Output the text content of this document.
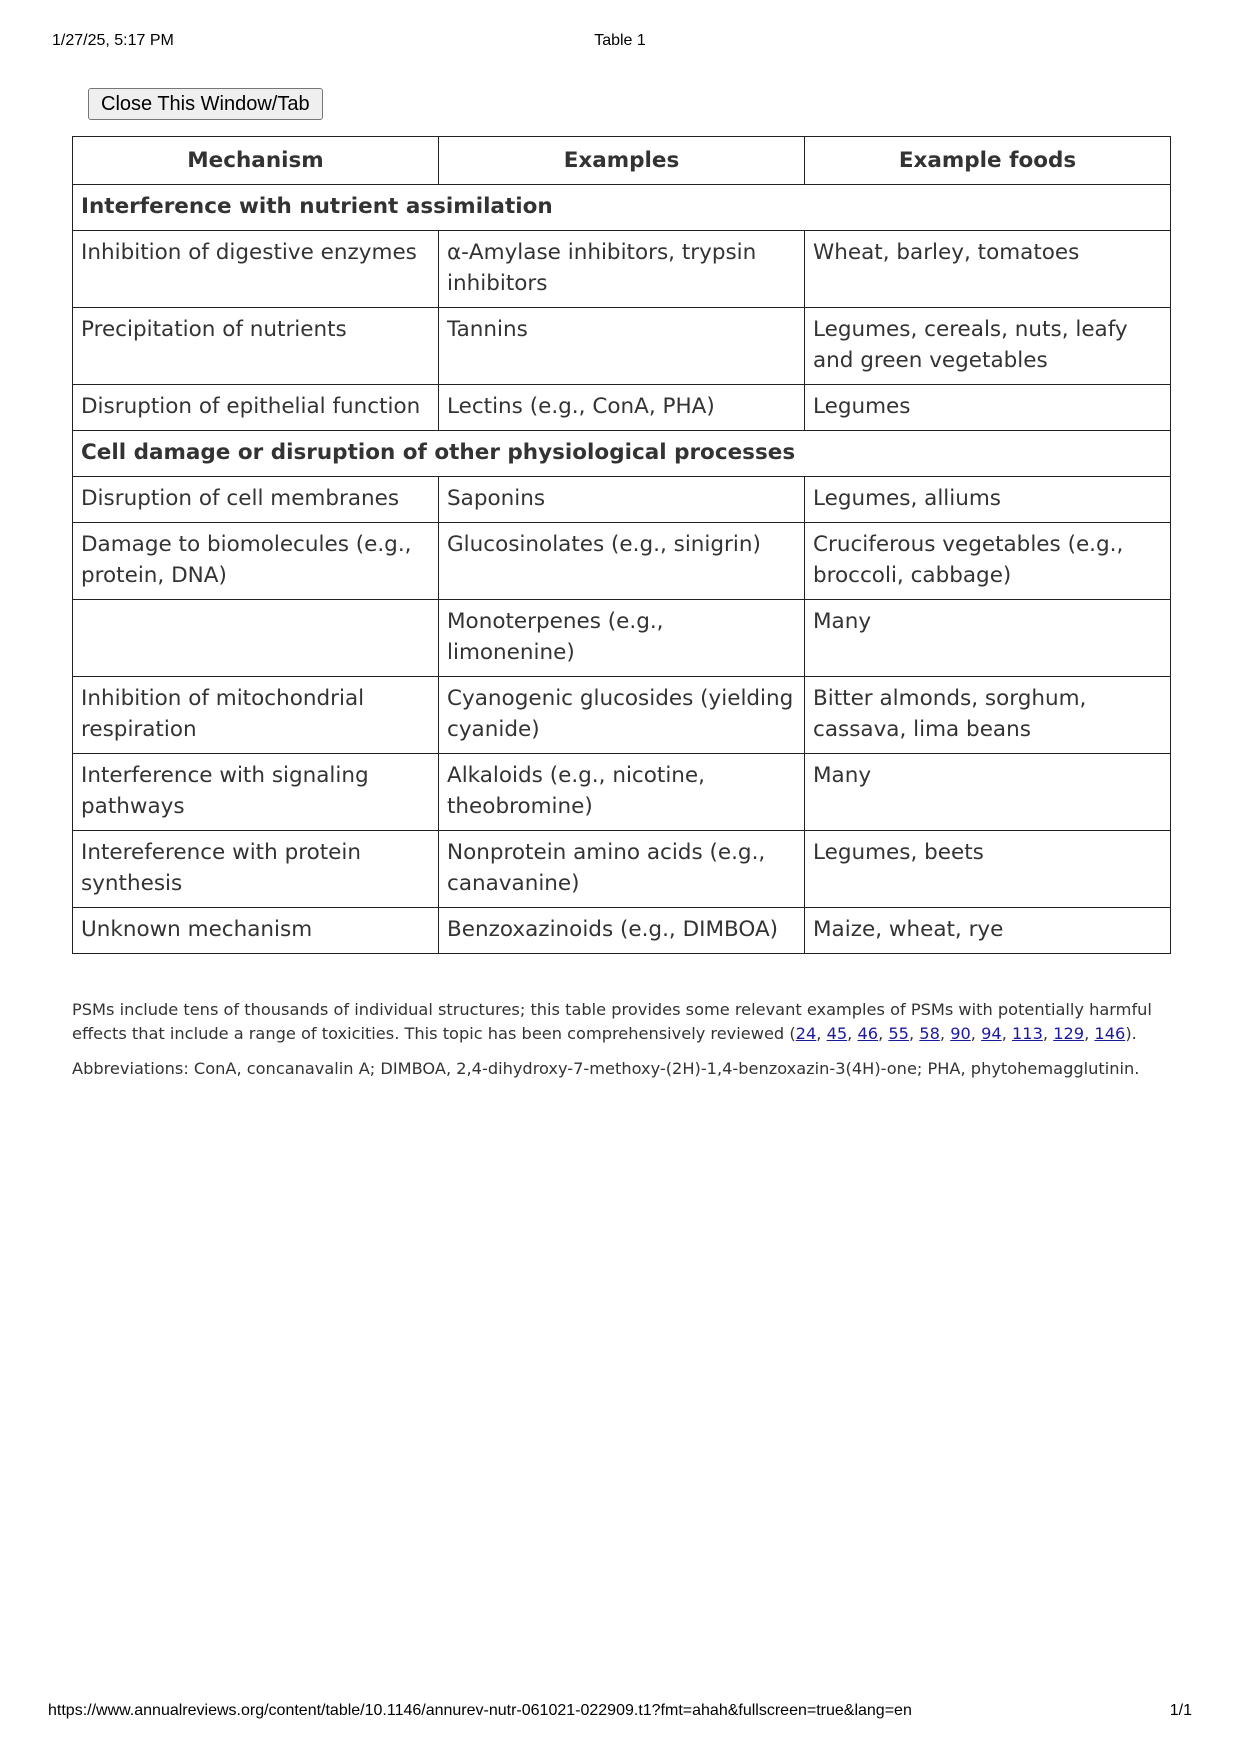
1/27/25, 5:17 PM	Table 1
Close This Window/Tab
Mechanism	Examples	Example foods
Interference with nutrient assimilation		
Inhibition of digestive enzymes	α-Amylase inhibitors, trypsin inhibitors	Wheat, barley, tomatoes
Precipitation of nutrients	Tannins	Legumes, cereals, nuts, leafy and green vegetables
Disruption of epithelial function	Lectins (e.g., ConA, PHA)	Legumes
Cell damage or disruption of other physiological processes		
Disruption of cell membranes	Saponins	Legumes, alliums
Damage to biomolecules (e.g., protein, DNA)	Glucosinolates (e.g., sinigrin)	Cruciferous vegetables (e.g., broccoli, cabbage)
	Monoterpenes (e.g., limonenine)	Many
Inhibition of mitochondrial respiration	Cyanogenic glucosides (yielding cyanide)	Bitter almonds, sorghum, cassava, lima beans
Interference with signaling pathways	Alkaloids (e.g., nicotine, theobromine)	Many
Intereference with protein synthesis	Nonprotein amino acids (e.g., canavanine)	Legumes, beets
Unknown mechanism	Benzoxazinoids (e.g., DIMBOA)	Maize, wheat, rye

PSMs include tens of thousands of individual structures; this table provides some relevant examples of PSMs with potentially harmful effects that include a range of toxicities. This topic has been comprehensively reviewed (24, 45, 46, 55, 58, 90, 94, 113, 129, 146).

Abbreviations: ConA, concanavalin A; DIMBOA, 2,4-dihydroxy-7-methoxy-(2H)-1,4-benzoxazin-3(4H)-one; PHA, phytohemagglutinin.

https://www.annualreviews.org/content/table/10.1146/annurev-nutr-061021-022909.t1?fmt=ahah&fullscreen=true&lang=en	1/1
